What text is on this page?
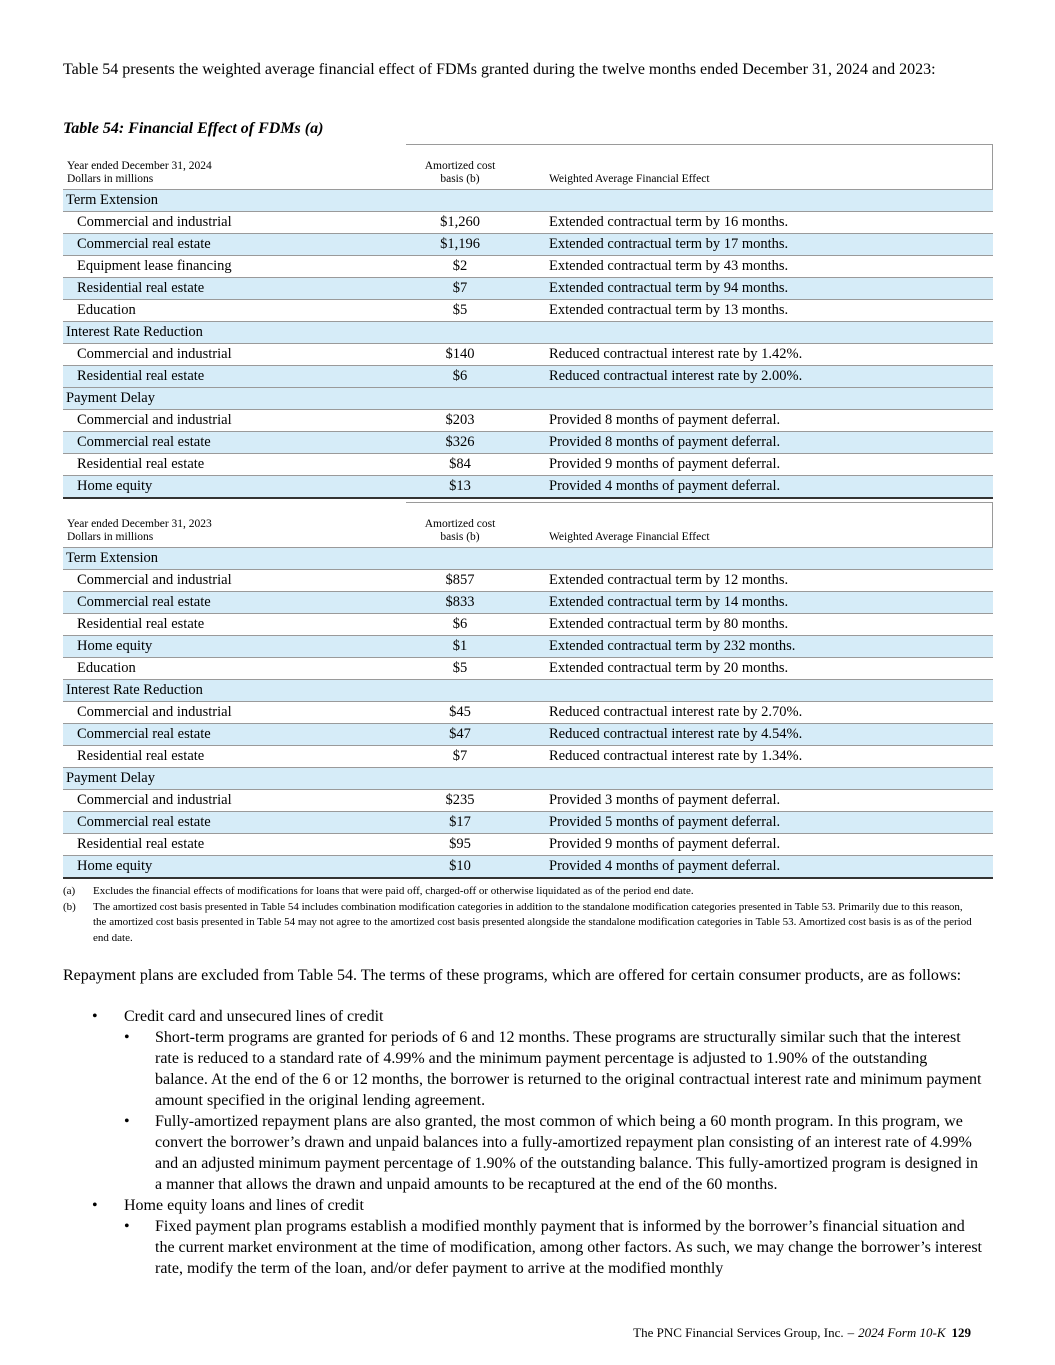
Table 54 presents the weighted average financial effect of FDMs granted during the twelve months ended December 31, 2024 and 2023:

Table 54: Financial Effect of FDMs (a)

Year ended December 31, 2024
Dollars in millions
Amortized cost
basis (b)	Weighted Average Financial Effect
Term Extension
Commercial and industrial	$1,260	Extended contractual term by 16 months.
Commercial real estate	$1,196	Extended contractual term by 17 months.
Equipment lease financing	$2	Extended contractual term by 43 months.
Residential real estate	$7	Extended contractual term by 94 months.
Education	$5	Extended contractual term by 13 months.
Interest Rate Reduction
Commercial and industrial	$140	Reduced contractual interest rate by 1.42%.
Residential real estate	$6	Reduced contractual interest rate by 2.00%.
Payment Delay
Commercial and industrial	$203	Provided 8 months of payment deferral.
Commercial real estate	$326	Provided 8 months of payment deferral.
Residential real estate	$84	Provided 9 months of payment deferral.
Home equity	$13	Provided 4 months of payment deferral.
Year ended December 31, 2023
Dollars in millions
Amortized cost
basis (b)	Weighted Average Financial Effect
Term Extension
Commercial and industrial	$857	Extended contractual term by 12 months.
Commercial real estate	$833	Extended contractual term by 14 months.
Residential real estate	$6	Extended contractual term by 80 months.
Home equity	$1	Extended contractual term by 232 months.
Education	$5	Extended contractual term by 20 months.
Interest Rate Reduction
Commercial and industrial	$45	Reduced contractual interest rate by 2.70%.
Commercial real estate	$47	Reduced contractual interest rate by 4.54%.
Residential real estate	$7	Reduced contractual interest rate by 1.34%.
Payment Delay
Commercial and industrial	$235	Provided 3 months of payment deferral.
Commercial real estate	$17	Provided 5 months of payment deferral.
Residential real estate	$95	Provided 9 months of payment deferral.
Home equity	$10	Provided 4 months of payment deferral.
(a) Excludes the financial effects of modifications for loans that were paid off, charged-off or otherwise liquidated as of the period end date.
(b) The amortized cost basis presented in Table 54 includes combination modification categories in addition to the standalone modification categories presented in Table 53. Primarily due to this reason, the amortized cost basis presented in Table 54 may not agree to the amortized cost basis presented alongside the standalone modification categories in Table 53. Amortized cost basis is as of the period end date.

Repayment plans are excluded from Table 54. The terms of these programs, which are offered for certain consumer products, are as follows:

• Credit card and unsecured lines of credit
• Short-term programs are granted for periods of 6 and 12 months. These programs are structurally similar such that the interest rate is reduced to a standard rate of 4.99% and the minimum payment percentage is adjusted to 1.90% of the outstanding balance. At the end of the 6 or 12 months, the borrower is returned to the original contractual interest rate and minimum payment amount specified in the original lending agreement.
• Fully-amortized repayment plans are also granted, the most common of which being a 60 month program. In this program, we convert the borrower’s drawn and unpaid balances into a fully-amortized repayment plan consisting of an interest rate of 4.99% and an adjusted minimum payment percentage of 1.90% of the outstanding balance. This fully-amortized program is designed in a manner that allows the drawn and unpaid amounts to be recaptured at the end of the 60 months.
• Home equity loans and lines of credit
• Fixed payment plan programs establish a modified monthly payment that is informed by the borrower’s financial situation and the current market environment at the time of modification, among other factors. As such, we may change the borrower’s interest rate, modify the term of the loan, and/or defer payment to arrive at the modified monthly
The PNC Financial Services Group, Inc. – 2024 Form 10-K 129
